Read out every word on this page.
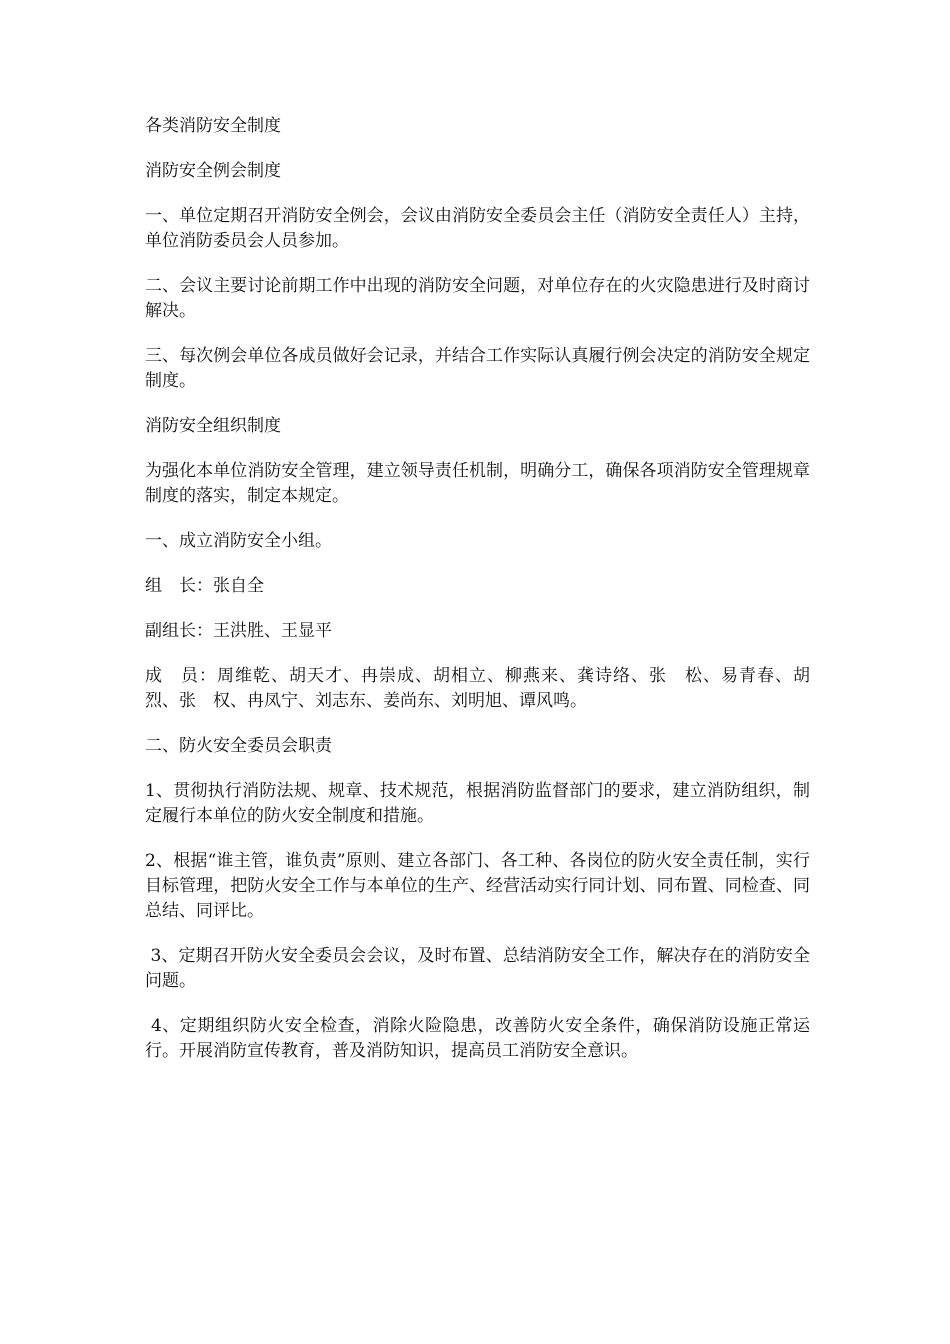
各类消防安全制度

消防安全例会制度

一、单位定期召开消防安全例会，会议由消防安全委员会主任（消防安全责任人）主持，单位消防委员会人员参加。

二、会议主要讨论前期工作中出现的消防安全问题，对单位存在的火灾隐患进行及时商讨解决。

三、每次例会单位各成员做好会记录，并结合工作实际认真履行例会决定的消防安全规定制度。

消防安全组织制度

为强化本单位消防安全管理，建立领导责任机制，明确分工，确保各项消防安全管理规章制度的落实，制定本规定。

一、成立消防安全小组。

组　长：张自全

副组长：王洪胜、王显平

成　员：周维乾、胡天才、冉崇成、胡相立、柳燕来、龚诗络、张　松、易青春、胡　烈、张　权、冉凤宁、刘志东、姜尚东、刘明旭、谭风鸣。

二、防火安全委员会职责

1、贯彻执行消防法规、规章、技术规范，根据消防监督部门的要求，建立消防组织，制定履行本单位的防火安全制度和措施。

2、根据“谁主管，谁负责”原则、建立各部门、各工种、各岗位的防火安全责任制，实行目标管理，把防火安全工作与本单位的生产、经营活动实行同计划、同布置、同检查、同总结、同评比。

3、定期召开防火安全委员会会议，及时布置、总结消防安全工作，解决存在的消防安全问题。

4、定期组织防火安全检查，消除火险隐患，改善防火安全条件，确保消防设施正常运行。开展消防宣传教育，普及消防知识，提高员工消防安全意识。
